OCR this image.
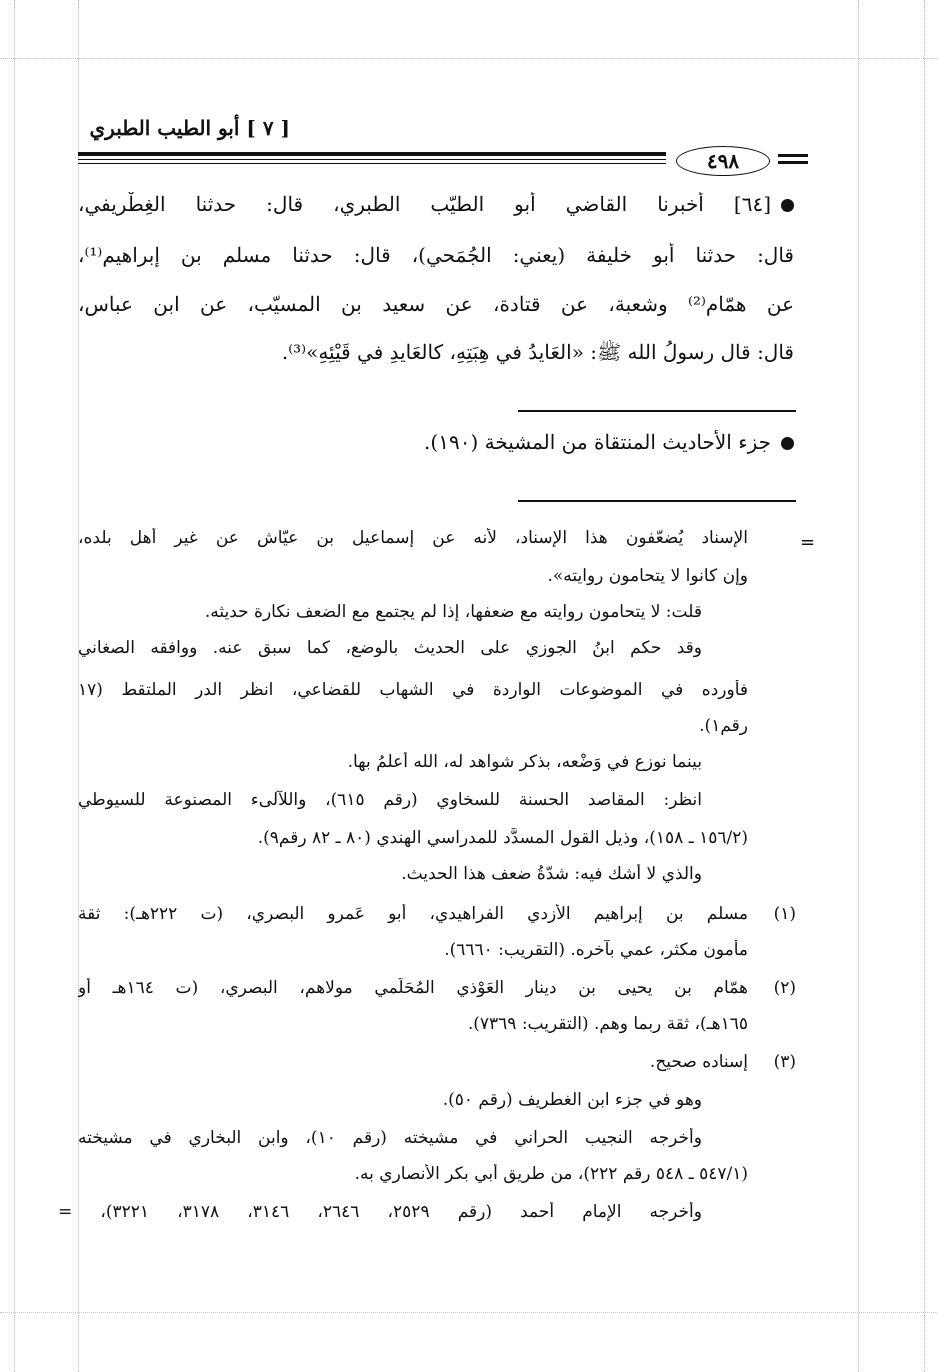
[ ٧ ] أبو الطيب الطبري
٤٩٨
[٦٤] أخبرنا القاضي أبو الطيّب الطبري، قال: حدثنا الغِطْريفي،
قال: حدثنا أبو خليفة (يعني: الجُمَحي)، قال: حدثنا مسلم بن إبراهيم⁽¹⁾،
عن همّام⁽²⁾ وشعبة، عن قتادة، عن سعيد بن المسيّب، عن ابن عباس،
قال: قال رسولُ الله ﷺ: «العَايدُ في هِبَتِهِ، كالعَايدِ في قَيْئِهِ»⁽³⁾.
جزء الأحاديث المنتقاة من المشيخة (١٩٠).
=
الإسناد يُضعّفون هذا الإسناد، لأنه عن إسماعيل بن عيّاش عن غير أهل بلده،
وإن كانوا لا يتحامون روايته».
قلت: لا يتحامون روايته مع ضعفها، إذا لم يجتمع مع الضعف نكارة حديثه.
وقد حكم ابنُ الجوزي على الحديث بالوضع، كما سبق عنه. ووافقه الصغاني
فأورده في الموضوعات الواردة في الشهاب للقضاعي، انظر الدر الملتقط (١٧
رقم١).
بينما نوزع في وَضْعه، بذكر شواهد له، الله أعلمُ بها.
انظر: المقاصد الحسنة للسخاوي (رقم ٦١٥)، واللآلىء المصنوعة للسيوطي
(١٥٦/٢ ـ ١٥٨)، وذيل القول المسدَّد للمدراسي الهندي (٨٠ ـ ٨٢ رقم٩).
والذي لا أشك فيه: شدّةُ ضعف هذا الحديث.
(١)
مسلم بن إبراهيم الأزدي الفراهيدي، أبو عَمرو البصري، (ت ٢٢٢هـ): ثقة
مأمون مكثر، عمي بآخره. (التقريب: ٦٦٦٠).
(٢)
همّام بن يحيى بن دينار العَوْذي المُحَلّمي مولاهم، البصري، (ت ١٦٤هـ أو
١٦٥هـ)، ثقة ربما وهم. (التقريب: ٧٣٦٩).
(٣)
إسناده صحيح.
وهو في جزء ابن الغطريف (رقم ٥٠).
وأخرجه النجيب الحراني في مشيخته (رقم ١٠)، وابن البخاري في مشيخته
(٥٤٧/١ ـ ٥٤٨ رقم ٢٢٢)، من طريق أبي بكر الأنصاري به.
وأخرجه الإمام أحمد (رقم ٢٥٢٩، ٢٦٤٦، ٣١٤٦، ٣١٧٨، ٣٢٢١)، =
